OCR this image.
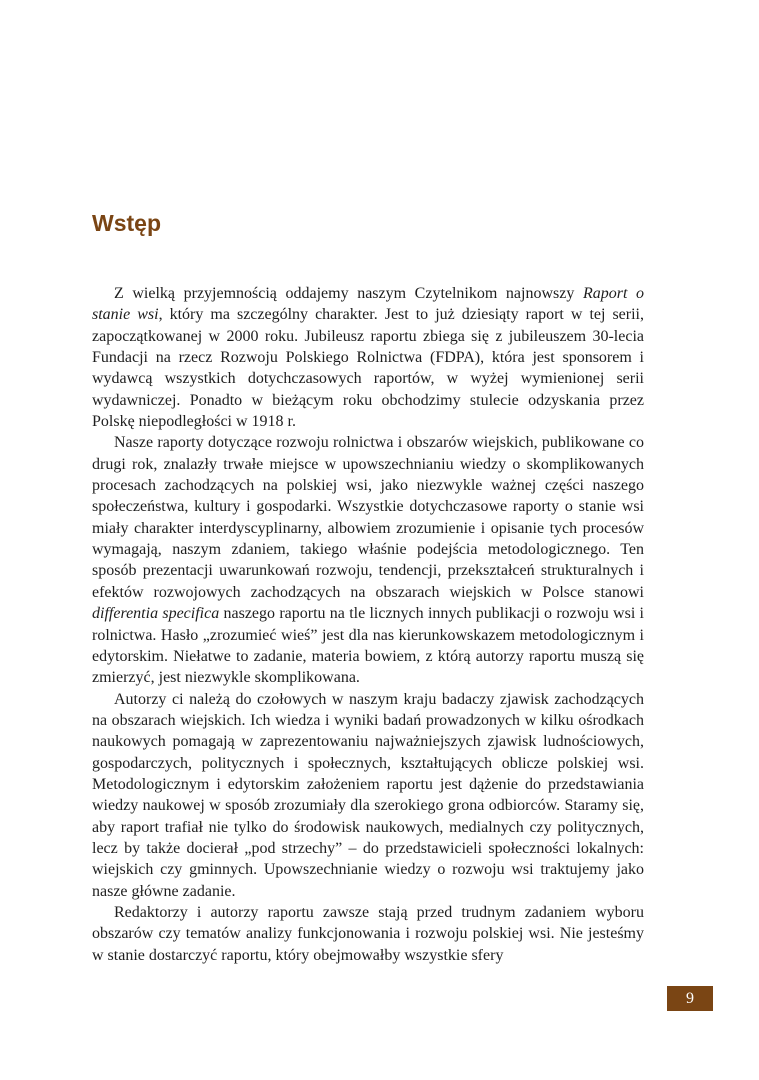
Wstęp

Z wielką przyjemnością oddajemy naszym Czytelnikom najnowszy Raport o stanie wsi, który ma szczególny charakter. Jest to już dziesiąty raport w tej serii, zapoczątkowanej w 2000 roku. Jubileusz raportu zbiega się z jubileuszem 30-lecia Fundacji na rzecz Rozwoju Polskiego Rolnictwa (FDPA), która jest sponsorem i wydawcą wszystkich dotychczasowych raportów, w wyżej wymienionej serii wydawniczej. Ponadto w bieżącym roku obchodzimy stulecie odzyskania przez Polskę niepodległości w 1918 r.

Nasze raporty dotyczące rozwoju rolnictwa i obszarów wiejskich, publikowane co drugi rok, znalazły trwałe miejsce w upowszechnianiu wiedzy o skomplikowanych procesach zachodzących na polskiej wsi, jako niezwykle ważnej części naszego społeczeństwa, kultury i gospodarki. Wszystkie dotychczasowe raporty o stanie wsi miały charakter interdyscyplinarny, albowiem zrozumienie i opisanie tych procesów wymagają, naszym zdaniem, takiego właśnie podejścia metodologicznego. Ten sposób prezentacji uwarunkowań rozwoju, tendencji, przekształceń strukturalnych i efektów rozwojowych zachodzących na obszarach wiejskich w Polsce stanowi differentia specifica naszego raportu na tle licznych innych publikacji o rozwoju wsi i rolnictwa. Hasło „zrozumieć wieś” jest dla nas kierunkowskazem metodologicznym i edytorskim. Niełatwe to zadanie, materia bowiem, z którą autorzy raportu muszą się zmierzyć, jest niezwykle skomplikowana.

Autorzy ci należą do czołowych w naszym kraju badaczy zjawisk zachodzących na obszarach wiejskich. Ich wiedza i wyniki badań prowadzonych w kilku ośrodkach naukowych pomagają w zaprezentowaniu najważniejszych zjawisk ludnościowych, gospodarczych, politycznych i społecznych, kształtujących oblicze polskiej wsi. Metodologicznym i edytorskim założeniem raportu jest dążenie do przedstawiania wiedzy naukowej w sposób zrozumiały dla szerokiego grona odbiorców. Staramy się, aby raport trafiał nie tylko do środowisk naukowych, medialnych czy politycznych, lecz by także docierał „pod strzechy” – do przedstawicieli społeczności lokalnych: wiejskich czy gminnych. Upowszechnianie wiedzy o rozwoju wsi traktujemy jako nasze główne zadanie.

Redaktorzy i autorzy raportu zawsze stają przed trudnym zadaniem wyboru obszarów czy tematów analizy funkcjonowania i rozwoju polskiej wsi. Nie jesteśmy w stanie dostarczyć raportu, który obejmowałby wszystkie sfery

9
